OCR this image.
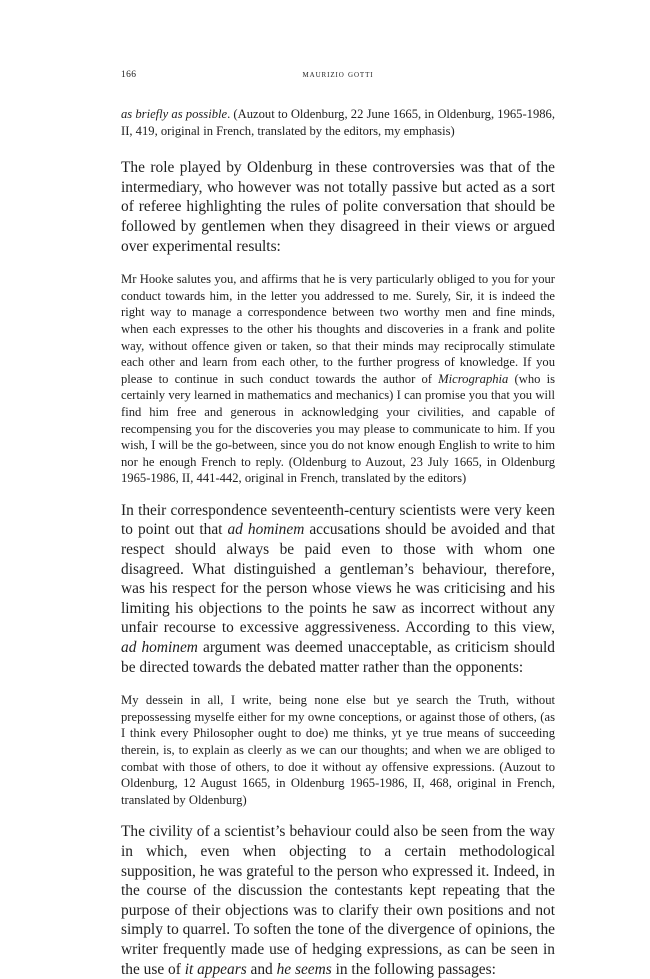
166	maurizio gotti

as briefly as possible. (Auzout to Oldenburg, 22 June 1665, in Oldenburg, 1965-1986, II, 419, original in French, translated by the editors, my emphasis)

The role played by Oldenburg in these controversies was that of the intermediary, who however was not totally passive but acted as a sort of referee highlighting the rules of polite conversation that should be followed by gentlemen when they disagreed in their views or argued over experimental results:

Mr Hooke salutes you, and affirms that he is very particularly obliged to you for your conduct towards him, in the letter you addressed to me. Surely, Sir, it is indeed the right way to manage a correspondence between two worthy men and fine minds, when each expresses to the other his thoughts and discoveries in a frank and polite way, without offence given or taken, so that their minds may reciprocally stimulate each other and learn from each other, to the further progress of knowledge. If you please to continue in such conduct towards the author of Micrographia (who is certainly very learned in mathematics and mechanics) I can promise you that you will find him free and generous in acknowledging your civilities, and capable of recompensing you for the discoveries you may please to communicate to him. If you wish, I will be the go-between, since you do not know enough English to write to him nor he enough French to reply. (Oldenburg to Auzout, 23 July 1665, in Oldenburg 1965-1986, II, 441-442, original in French, translated by the editors)

In their correspondence seventeenth-century scientists were very keen to point out that ad hominem accusations should be avoided and that respect should always be paid even to those with whom one disagreed. What distinguished a gentleman’s behaviour, therefore, was his respect for the person whose views he was criticising and his limiting his objections to the points he saw as incorrect without any unfair recourse to excessive aggressiveness. According to this view, ad hominem argument was deemed unacceptable, as criticism should be directed towards the debated matter rather than the opponents:

My dessein in all, I write, being none else but ye search the Truth, without prepossessing myselfe either for my owne conceptions, or against those of others, (as I think every Philosopher ought to doe) me thinks, yt ye true means of succeeding therein, is, to explain as cleerly as we can our thoughts; and when we are obliged to combat with those of others, to doe it without ay offensive expressions. (Auzout to Oldenburg, 12 August 1665, in Oldenburg 1965-1986, II, 468, original in French, translated by Oldenburg)

The civility of a scientist’s behaviour could also be seen from the way in which, even when objecting to a certain methodological supposition, he was grateful to the person who expressed it. Indeed, in the course of the discussion the contestants kept repeating that the purpose of their objections was to clarify their own positions and not simply to quarrel. To soften the tone of the divergence of opinions, the writer frequently made use of hedging expressions, as can be seen in the use of it appears and he seems in the following passages:
